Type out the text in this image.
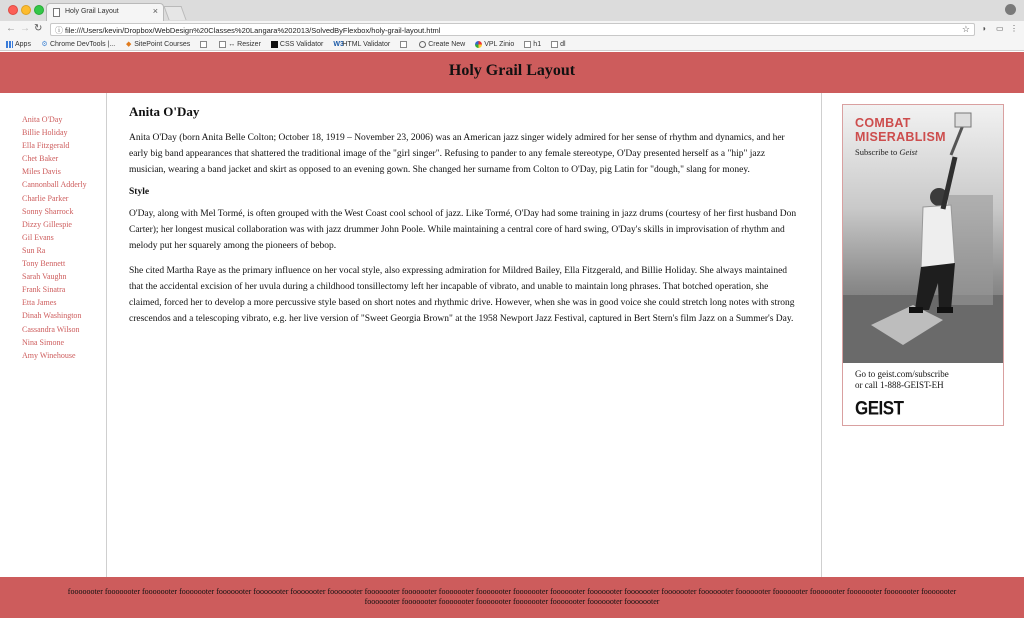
Holy Grail Layout	×
← → ↻ ⓘ
file:///Users/kevin/Dropbox/WebDesign%20Classes%20Langara%202013/SolvedByFlexbox/holy-grail-layout.html	☆ ◗ ▭ ⋮
Apps ⚙ Chrome DevTools |... ◆ SitePoint Courses	↔ Resizer	CSS Validator W3
HTML Validator	Create New	VPL Zinio	h1	dl
Holy Grail Layout
Anita O'Day
Billie Holiday
Ella Fitzgerald
Chet Baker
Miles Davis
Cannonball Adderly
Charlie Parker
Sonny Sharrock
Dizzy Gillespie
Gil Evans
Sun Ra
Tony Bennett
Sarah Vaughn
Frank Sinatra
Etta James
Dinah Washington
Cassandra Wilson
Nina Simone
Amy Winehouse
Anita O'Day

Anita O'Day (born Anita Belle Colton; October 18, 1919 – November 23, 2006) was an American jazz singer widely admired for her sense of rhythm and dynamics, and her early big band appearances that shattered the traditional image of the "girl singer". Refusing to pander to any female stereotype, O'Day presented herself as a "hip" jazz musician, wearing a band jacket and skirt as opposed to an evening gown. She changed her surname from Colton to O'Day, pig Latin for "dough," slang for money.

Style

O'Day, along with Mel Tormé, is often grouped with the West Coast cool school of jazz. Like Tormé, O'Day had some training in jazz drums (courtesy of her first husband Don Carter); her longest musical collaboration was with jazz drummer John Poole. While maintaining a central core of hard swing, O'Day's skills in improvisation of rhythm and melody put her squarely among the pioneers of bebop.

She cited Martha Raye as the primary influence on her vocal style, also expressing admiration for Mildred Bailey, Ella Fitzgerald, and Billie Holiday. She always maintained that the accidental excision of her uvula during a childhood tonsillectomy left her incapable of vibrato, and unable to maintain long phrases. That botched operation, she claimed, forced her to develop a more percussive style based on short notes and rhythmic drive. However, when she was in good voice she could stretch long notes with strong crescendos and a telescoping vibrato, e.g. her live version of "Sweet Georgia Brown" at the 1958 Newport Jazz Festival, captured in Bert Stern's film Jazz on a Summer's Day.

COMBAT
MISERABLISM
Subscribe to Geist
Go to geist.com/subscribe
or call 1-888-GEIST-EH
GEIST
fooooooter fooooooter fooooooter fooooooter fooooooter fooooooter fooooooter fooooooter fooooooter fooooooter fooooooter fooooooter fooooooter fooooooter fooooooter fooooooter fooooooter fooooooter fooooooter fooooooter fooooooter fooooooter fooooooter fooooooter fooooooter fooooooter fooooooter fooooooter fooooooter fooooooter fooooooter fooooooter
